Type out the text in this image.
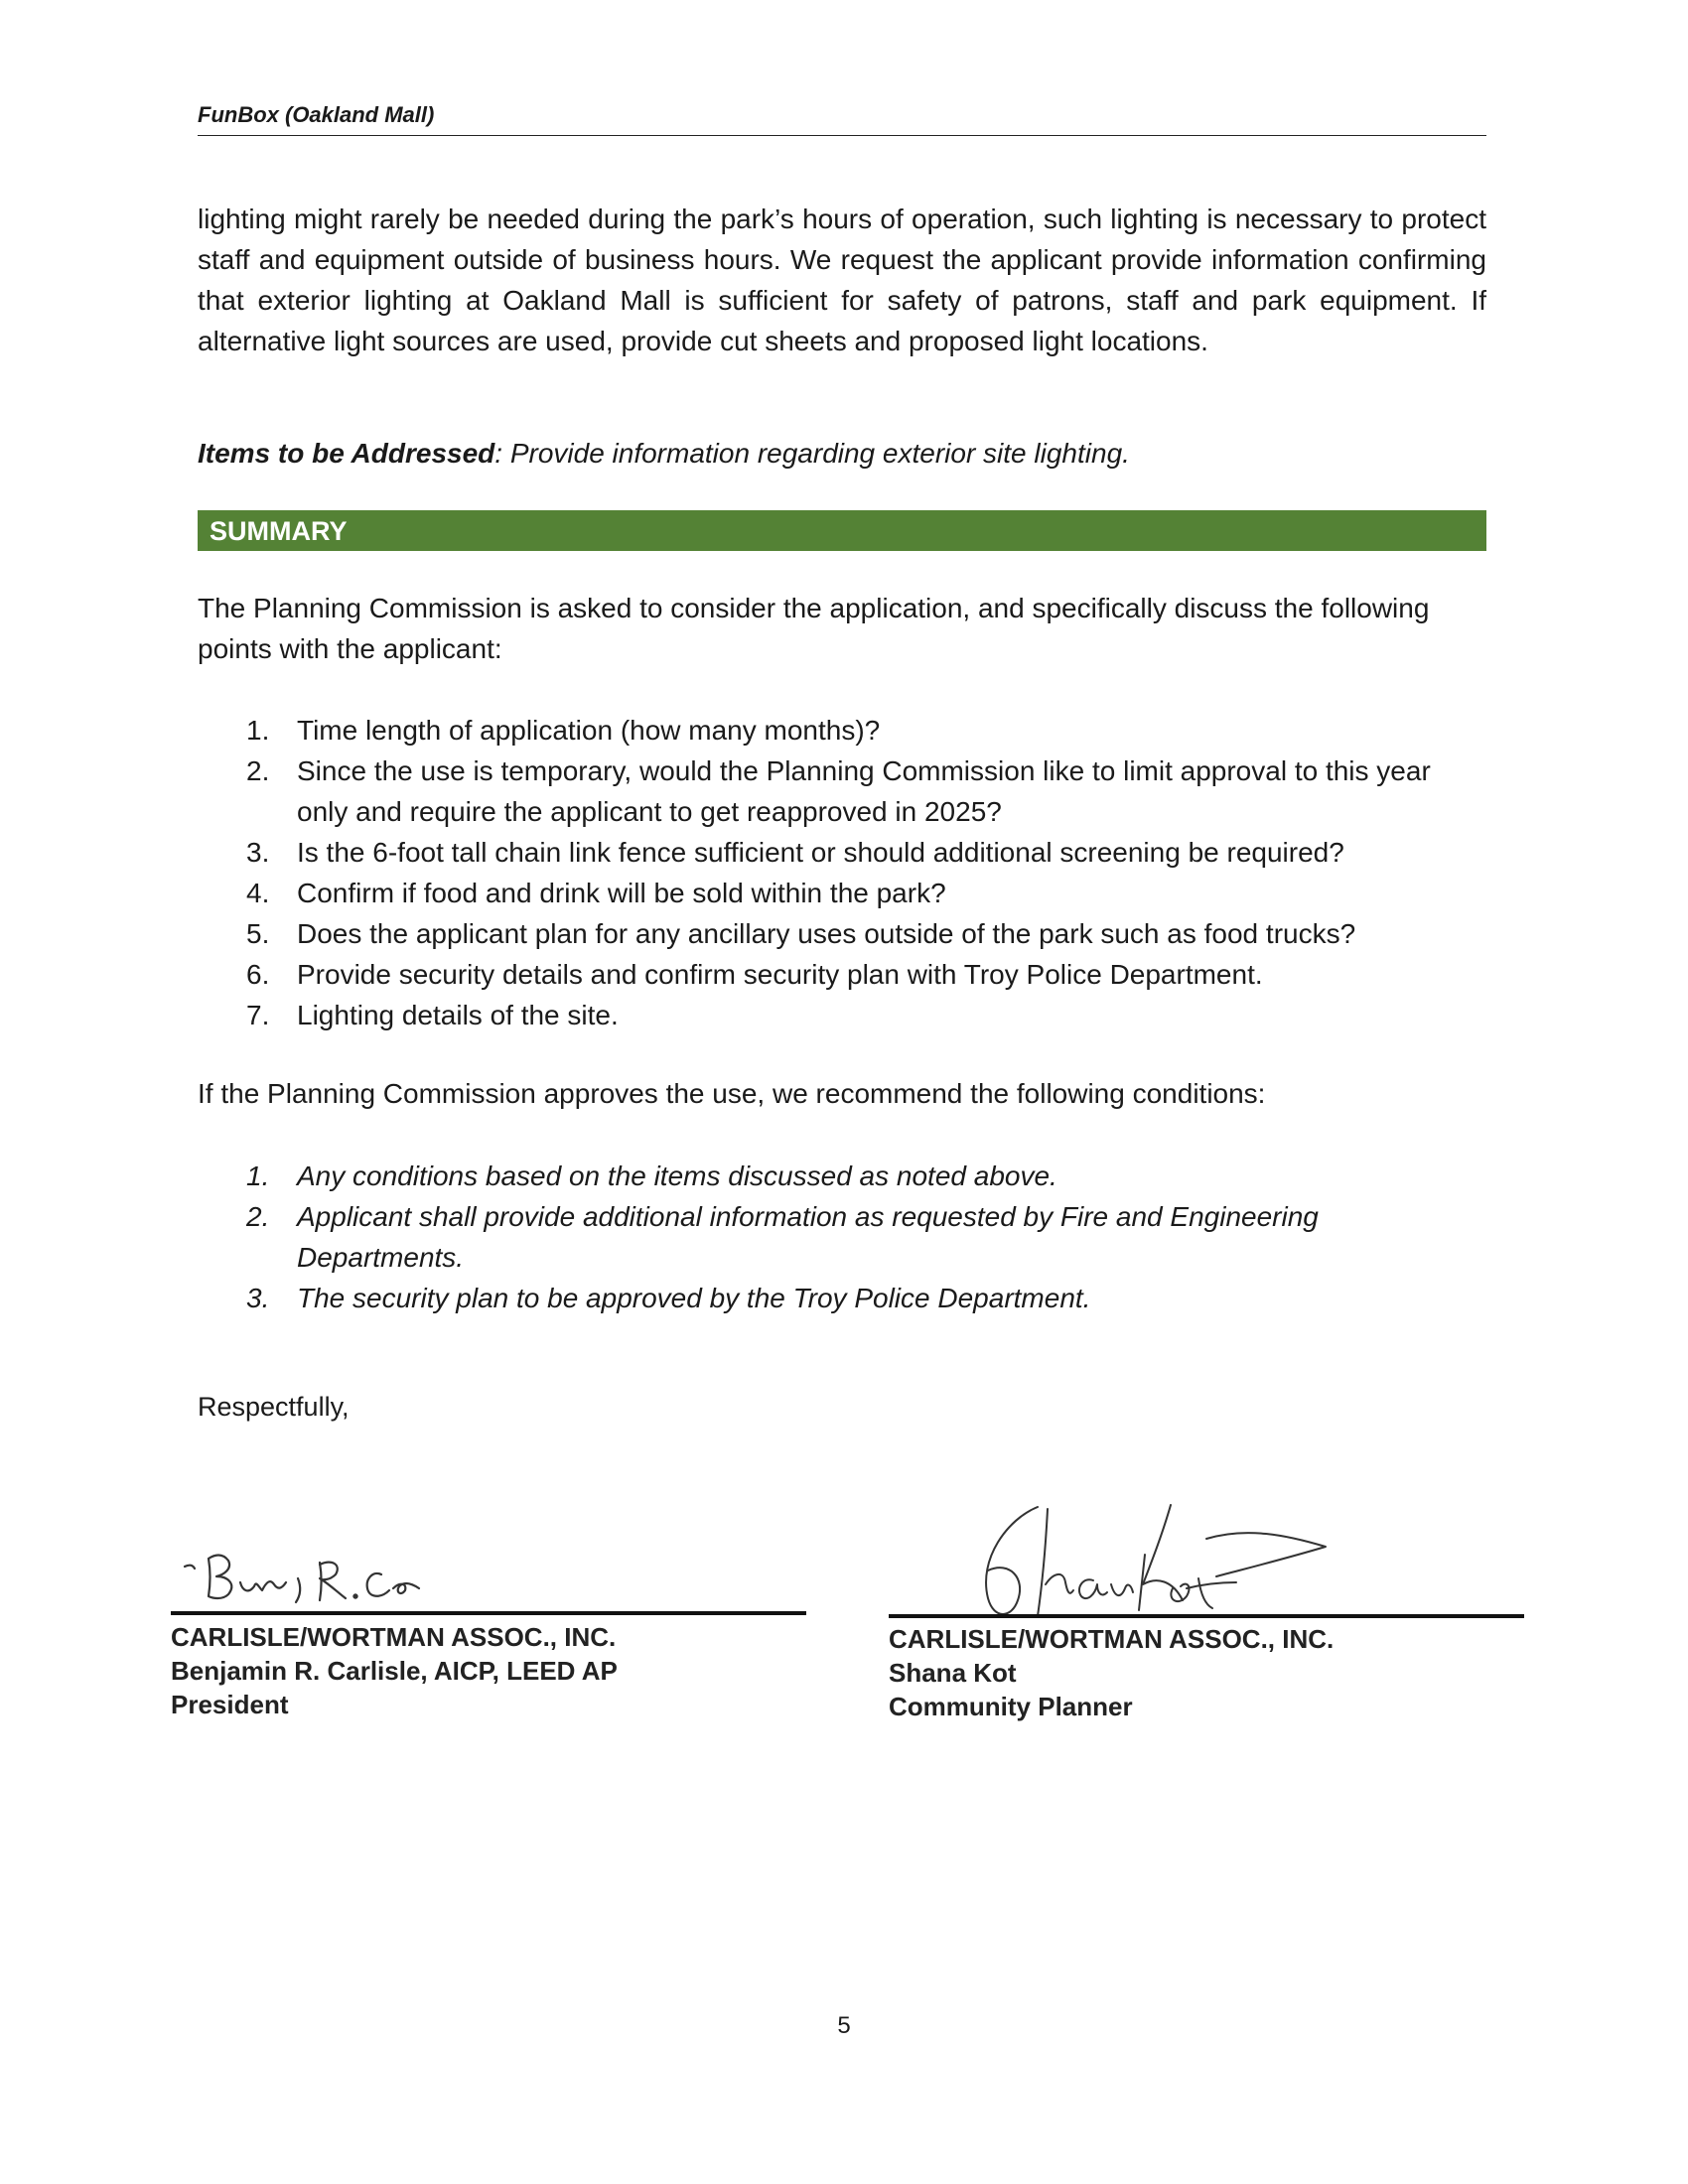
FunBox (Oakland Mall)
lighting might rarely be needed during the park’s hours of operation, such lighting is necessary to protect staff and equipment outside of business hours. We request the applicant provide information confirming that exterior lighting at Oakland Mall is sufficient for safety of patrons, staff and park equipment. If alternative light sources are used, provide cut sheets and proposed light locations.
Items to be Addressed: Provide information regarding exterior site lighting.
SUMMARY
The Planning Commission is asked to consider the application, and specifically discuss the following points with the applicant:
1. Time length of application (how many months)?
2. Since the use is temporary, would the Planning Commission like to limit approval to this year only and require the applicant to get reapproved in 2025?
3. Is the 6-foot tall chain link fence sufficient or should additional screening be required?
4. Confirm if food and drink will be sold within the park?
5. Does the applicant plan for any ancillary uses outside of the park such as food trucks?
6. Provide security details and confirm security plan with Troy Police Department.
7. Lighting details of the site.
If the Planning Commission approves the use, we recommend the following conditions:
1. Any conditions based on the items discussed as noted above.
2. Applicant shall provide additional information as requested by Fire and Engineering Departments.
3. The security plan to be approved by the Troy Police Department.
Respectfully,
CARLISLE/WORTMAN ASSOC., INC.
Benjamin R. Carlisle, AICP, LEED AP
President
CARLISLE/WORTMAN ASSOC., INC.
Shana Kot
Community Planner
5
